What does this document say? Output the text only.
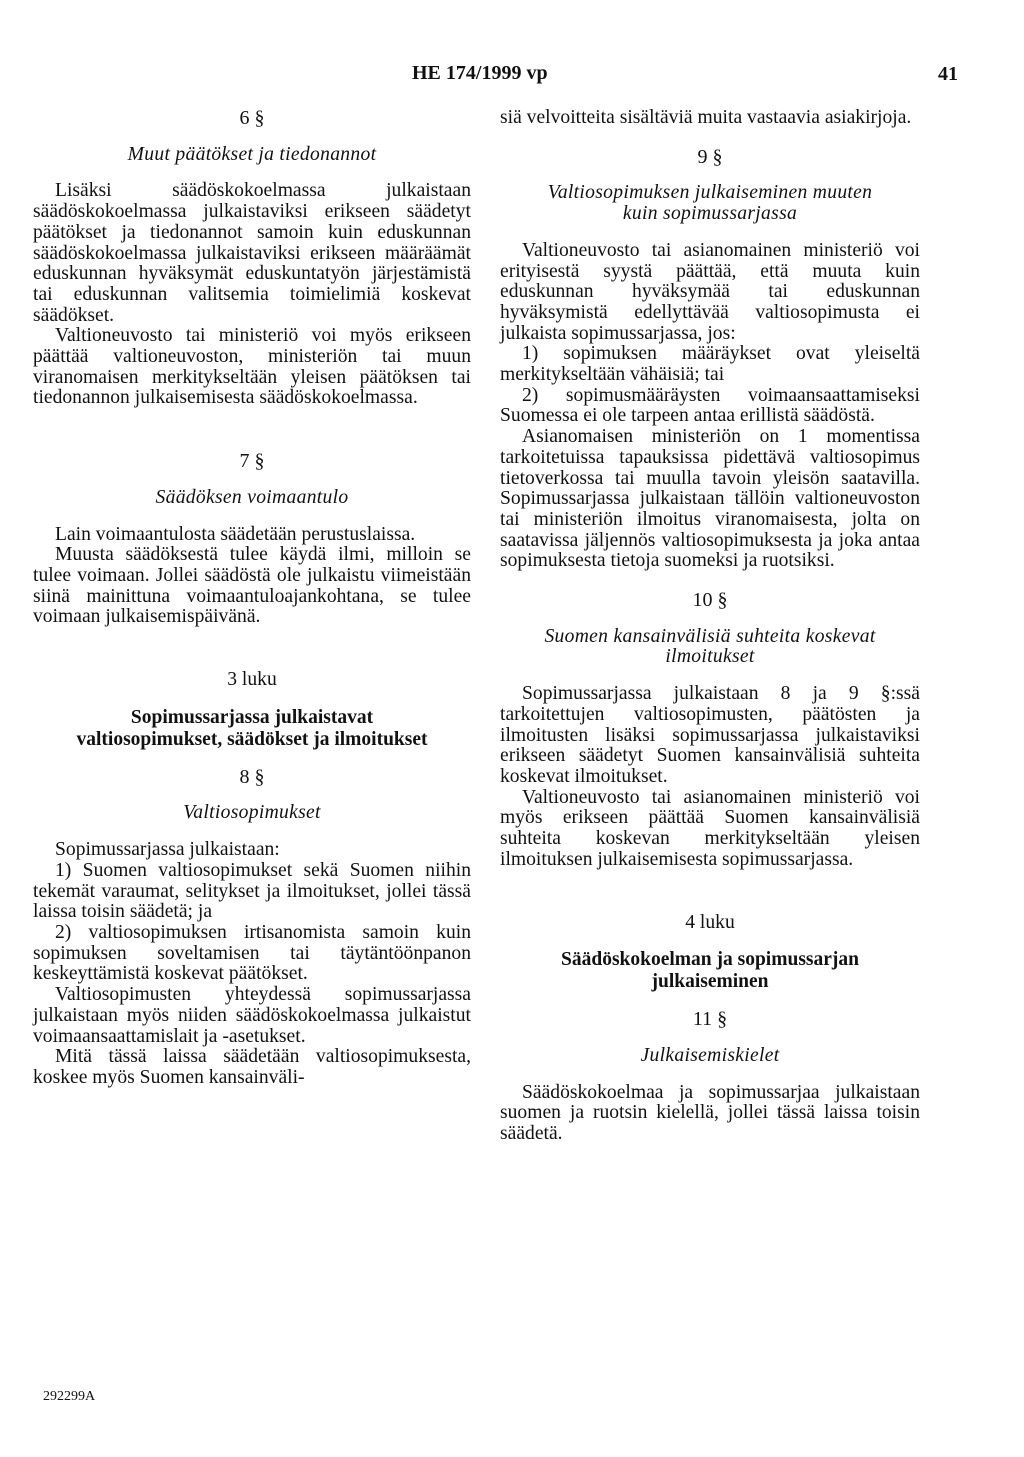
HE 174/1999 vp	41
6 §
Muut päätökset ja tiedonannot

Lisäksi säädöskokoelmassa julkaistaan säädöskokoelmassa julkaistaviksi erikseen säädetyt päätökset ja tiedonannot samoin kuin eduskunnan säädöskokoelmassa julkaistaviksi erikseen määräämät eduskunnan hyväksymät eduskuntatyön järjestämistä tai eduskunnan valitsemia toimielimiä koskevat säädökset.

Valtioneuvosto tai ministeriö voi myös erikseen päättää valtioneuvoston, ministeriön tai muun viranomaisen merkitykseltään yleisen päätöksen tai tiedonannon julkaisemisesta säädöskokoelmassa.

7 §
Säädöksen voimaantulo

Lain voimaantulosta säädetään perustuslaissa.

Muusta säädöksestä tulee käydä ilmi, milloin se tulee voimaan. Jollei säädöstä ole julkaistu viimeistään siinä mainittuna voimaantuloajankohtana, se tulee voimaan julkaisemispäivänä.

3 luku
Sopimussarjassa julkaistavat
valtiosopimukset, säädökset ja ilmoitukset
8 §
Valtiosopimukset

Sopimussarjassa julkaistaan:

1) Suomen valtiosopimukset sekä Suomen niihin tekemät varaumat, selitykset ja ilmoitukset, jollei tässä laissa toisin säädetä; ja

2) valtiosopimuksen irtisanomista samoin kuin sopimuksen soveltamisen tai täytäntöönpanon keskeyttämistä koskevat päätökset.

Valtiosopimusten yhteydessä sopimussarjassa julkaistaan myös niiden säädöskokoelmassa julkaistut voimaansaattamislait ja -asetukset.

Mitä tässä laissa säädetään valtiosopimuksesta, koskee myös Suomen kansainväli-

siä velvoitteita sisältäviä muita vastaavia asiakirjoja.

9 §
Valtiosopimuksen julkaiseminen muuten
kuin sopimussarjassa

Valtioneuvosto tai asianomainen ministeriö voi erityisestä syystä päättää, että muuta kuin eduskunnan hyväksymää tai eduskunnan hyväksymistä edellyttävää valtiosopimusta ei julkaista sopimussarjassa, jos:

1) sopimuksen määräykset ovat yleiseltä merkitykseltään vähäisiä; tai

2) sopimusmääräysten voimaansaattamiseksi Suomessa ei ole tarpeen antaa erillistä säädöstä.

Asianomaisen ministeriön on 1 momentissa tarkoitetuissa tapauksissa pidettävä valtiosopimus tietoverkossa tai muulla tavoin yleisön saatavilla. Sopimussarjassa julkaistaan tällöin valtioneuvoston tai ministeriön ilmoitus viranomaisesta, jolta on saatavissa jäljennös valtiosopimuksesta ja joka antaa sopimuksesta tietoja suomeksi ja ruotsiksi.

10 §
Suomen kansainvälisiä suhteita koskevat
ilmoitukset

Sopimussarjassa julkaistaan 8 ja 9 §:ssä tarkoitettujen valtiosopimusten, päätösten ja ilmoitusten lisäksi sopimussarjassa julkaistaviksi erikseen säädetyt Suomen kansainvälisiä suhteita koskevat ilmoitukset.

Valtioneuvosto tai asianomainen ministeriö voi myös erikseen päättää Suomen kansainvälisiä suhteita koskevan merkitykseltään yleisen ilmoituksen julkaisemisesta sopimussarjassa.

4 luku
Säädöskokoelman ja sopimussarjan
julkaiseminen
11 §
Julkaisemiskielet

Säädöskokoelmaa ja sopimussarjaa julkaistaan suomen ja ruotsin kielellä, jollei tässä laissa toisin säädetä.

292299A
